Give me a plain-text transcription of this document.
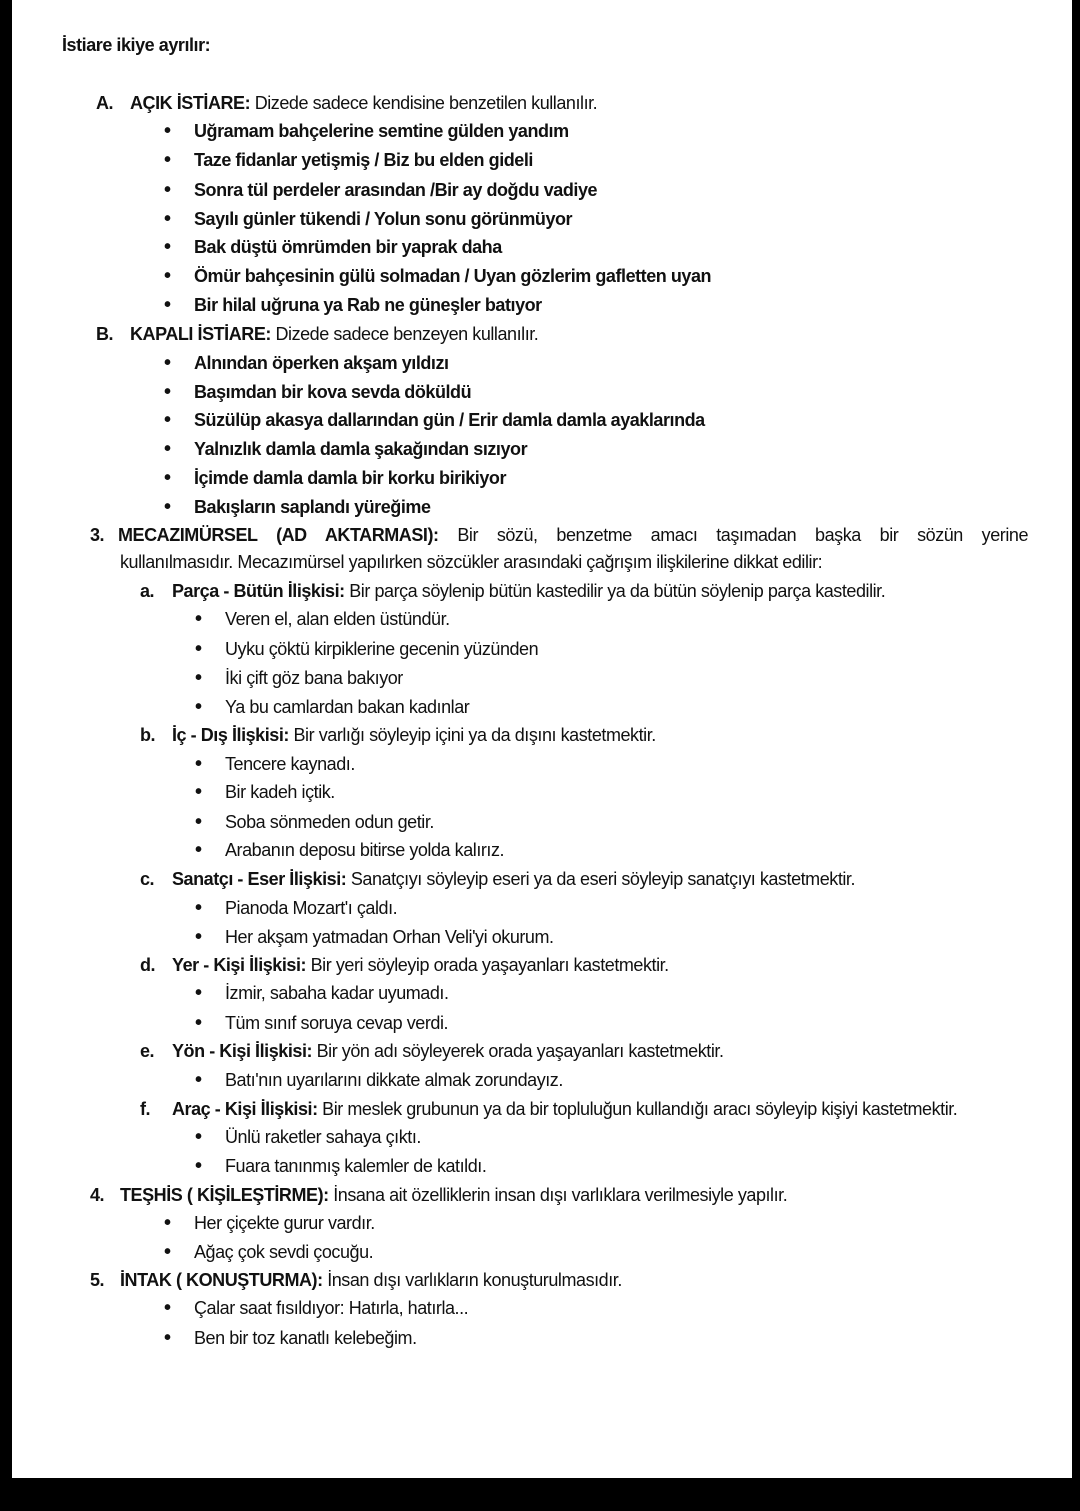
İstiare ikiye ayrılır:
A. AÇIK İSTİARE: Dizede sadece kendisine benzetilen kullanılır.
• Uğramam bahçelerine semtine gülden yandım
• Taze fidanlar yetişmiş / Biz bu elden gideli
• Sonra tül perdeler arasından /Bir ay doğdu vadiye
• Sayılı günler tükendi / Yolun sonu görünmüyor
• Bak düştü ömrümden bir yaprak daha
• Ömür bahçesinin gülü solmadan / Uyan gözlerim gafletten uyan
• Bir hilal uğruna ya Rab ne güneşler batıyor
B. KAPALI İSTİARE: Dizede sadece benzeyen kullanılır.
• Alnından öperken akşam yıldızı
• Başımdan bir kova sevda döküldü
• Süzülüp akasya dallarından gün / Erir damla damla ayaklarında
• Yalnızlık damla damla şakağından sızıyor
• İçimde damla damla bir korku birikiyor
• Bakışların saplandı yüreğime
3. MECAZIMÜRSEL (AD AKTARMASI): Bir sözü, benzetme amacı taşımadan başka bir sözün yerine
kullanılmasıdır. Mecazımürsel yapılırken sözcükler arasındaki çağrışım ilişkilerine dikkat edilir:
a. Parça - Bütün İlişkisi: Bir parça söylenip bütün kastedilir ya da bütün söylenip parça kastedilir.
• Veren el, alan elden üstündür.
• Uyku çöktü kirpiklerine gecenin yüzünden
• İki çift göz bana bakıyor
• Ya bu camlardan bakan kadınlar
b. İç - Dış İlişkisi: Bir varlığı söyleyip içini ya da dışını kastetmektir.
• Tencere kaynadı.
• Bir kadeh içtik.
• Soba sönmeden odun getir.
• Arabanın deposu bitirse yolda kalırız.
c. Sanatçı - Eser İlişkisi: Sanatçıyı söyleyip eseri ya da eseri söyleyip sanatçıyı kastetmektir.
• Pianoda Mozart'ı çaldı.
• Her akşam yatmadan Orhan Veli'yi okurum.
d. Yer - Kişi İlişkisi: Bir yeri söyleyip orada yaşayanları kastetmektir.
• İzmir, sabaha kadar uyumadı.
• Tüm sınıf soruya cevap verdi.
e. Yön - Kişi İlişkisi: Bir yön adı söyleyerek orada yaşayanları kastetmektir.
• Batı'nın uyarılarını dikkate almak zorundayız.
f. Araç - Kişi İlişkisi: Bir meslek grubunun ya da bir topluluğun kullandığı aracı söyleyip kişiyi kastetmektir.
• Ünlü raketler sahaya çıktı.
• Fuara tanınmış kalemler de katıldı.
4. TEŞHİS ( KİŞİLEŞTİRME): İnsana ait özelliklerin insan dışı varlıklara verilmesiyle yapılır.
• Her çiçekte gurur vardır.
• Ağaç çok sevdi çocuğu.
5. İNTAK ( KONUŞTURMA): İnsan dışı varlıkların konuşturulmasıdır.
• Çalar saat fısıldıyor: Hatırla, hatırla...
• Ben bir toz kanatlı kelebeğim.
